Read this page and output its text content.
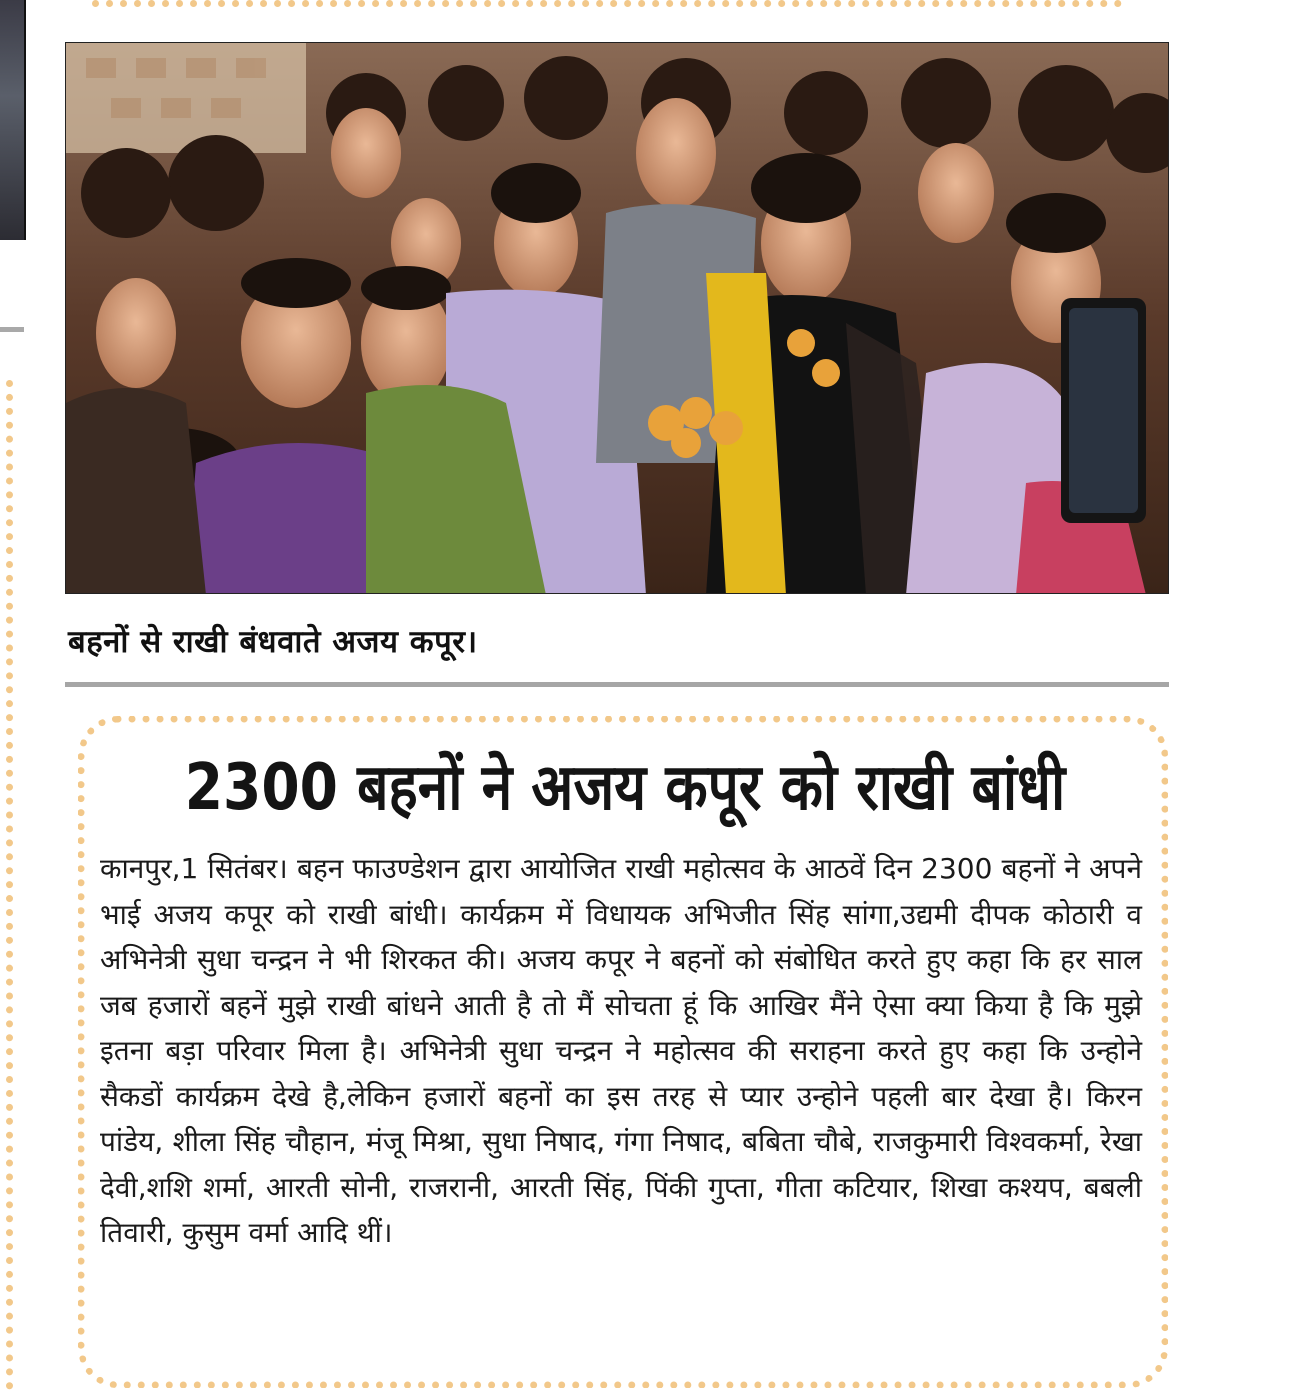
बहनों से राखी बंधवाते अजय कपूर।
2300 बहनों ने अजय कपूर को राखी बांधी
कानपुर,1 सितंबर। बहन फाउण्डेशन द्वारा आयोजित राखी महोत्सव के आठवें दिन 2300 बहनों ने अपने भाई अजय कपूर को राखी बांधी। कार्यक्रम में विधायक अभिजीत सिंह सांगा,उद्यमी दीपक कोठारी व अभिनेत्री सुधा चन्द्रन ने भी शिरकत की। अजय कपूर ने बहनों को संबोधित करते हुए कहा कि हर साल जब हजारों बहनें मुझे राखी बांधने आती है तो मैं सोचता हूं कि आखिर मैंने ऐसा क्या किया है कि मुझे इतना बड़ा परिवार मिला है। अभिनेत्री सुधा चन्द्रन ने महोत्सव की सराहना करते हुए कहा कि उन्होने सैकडों कार्यक्रम देखे है,लेकिन हजारों बहनों का इस तरह से प्यार उन्होने पहली बार देखा है। किरन पांडेय, शीला सिंह चौहान, मंजू मिश्रा, सुधा निषाद, गंगा निषाद, बबिता चौबे, राजकुमारी विश्वकर्मा, रेखा देवी,शशि शर्मा, आरती सोनी, राजरानी, आरती सिंह, पिंकी गुप्ता, गीता कटियार, शिखा कश्यप, बबली तिवारी, कुसुम वर्मा आदि थीं।
